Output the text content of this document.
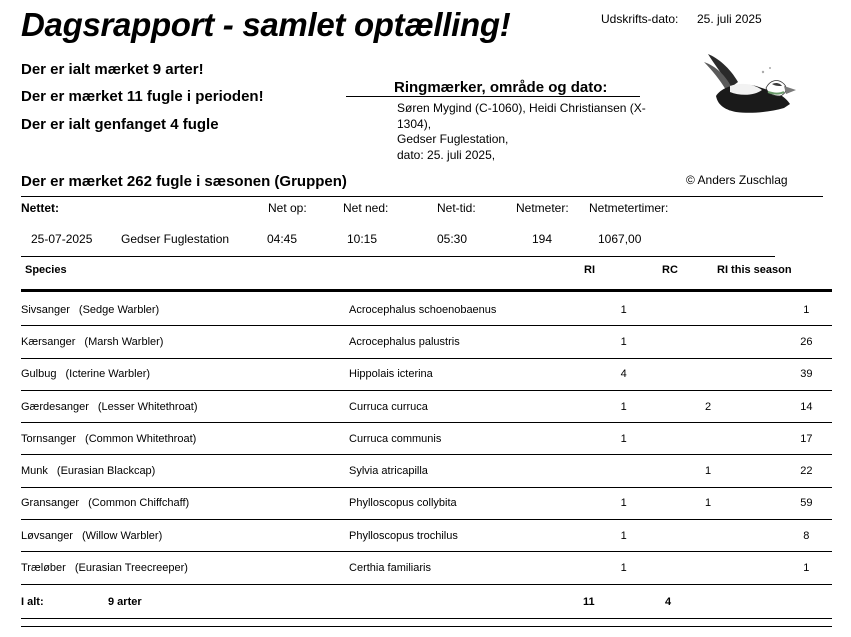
Dagsrapport - samlet optælling!	Udskrifts-dato: 25. juli 2025
Der er ialt mærket 9 arter!
Der er mærket 11 fugle i perioden!
Der er ialt genfanget 4 fugle
Ringmærker, område og dato:
Søren Mygind (C-1060), Heidi Christiansen (X-1304),
Gedser Fuglestation,
dato: 25. juli 2025,
Der er mærket 262 fugle i sæsonen (Gruppen)	© Anders Zuschlag
Nettet:	Net op:	Net ned:	Net-tid:	Netmeter: Netmetertimer:
25-07-2025 Gedser Fuglestation	04:45	10:15	05:30	194	1067,00
Species	RI	RC	RI this season
Sivsanger (Sedge Warbler)	Acrocephalus schoenobaenus	1				1
Kærsanger (Marsh Warbler)	Acrocephalus palustris	1				26
Gulbug (Icterine Warbler)	Hippolais icterina	4				39
Gærdesanger (Lesser Whitethroat)	Curruca curruca	1		2		14
Tornsanger (Common Whitethroat)	Curruca communis	1				17
Munk (Eurasian Blackcap)	Sylvia atricapilla			1		22
Gransanger (Common Chiffchaff)	Phylloscopus collybita	1		1		59
Løvsanger (Willow Warbler)	Phylloscopus trochilus	1				8
Træløber (Eurasian Treecreeper)	Certhia familiaris	1				1
I alt:	9 arter	11	4
